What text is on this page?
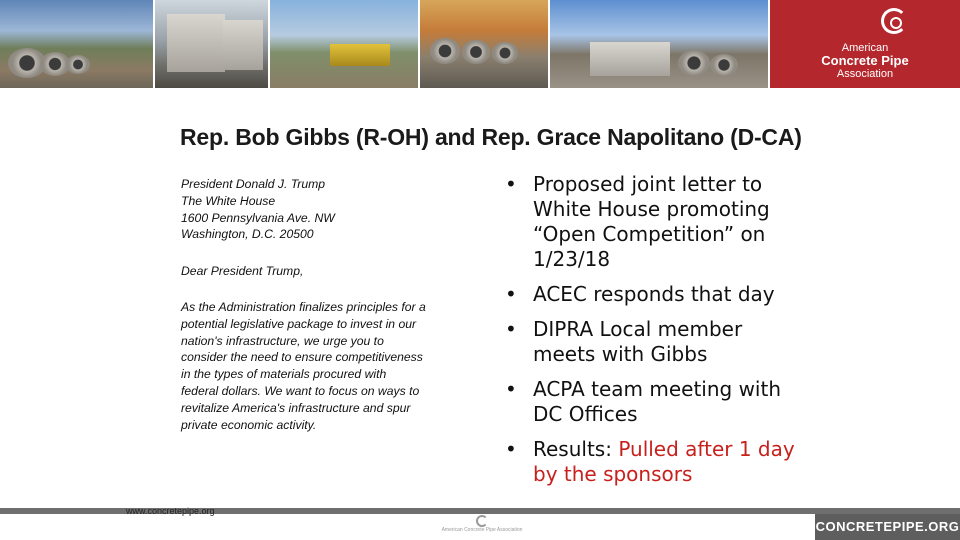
American
Concrete Pipe
Association
Rep. Bob Gibbs (R-OH) and Rep. Grace Napolitano (D-CA)
President Donald J. Trump
The White House
1600 Pennsylvania Ave. NW
Washington, D.C. 20500
Dear President Trump,
As the Administration finalizes principles for a potential legislative package to invest in our nation's infrastructure, we urge you to consider the need to ensure competitiveness in the types of materials procured with federal dollars. We want to focus on ways to revitalize America's infrastructure and spur private economic activity.
• Proposed joint letter to White House promoting “Open Competition” on 1/23/18
• ACEC responds that day
• DIPRA Local member meets with Gibbs
• ACPA team meeting with DC Offices
• Results: Pulled after 1 day by the sponsors
www.concretepipe.org
American Concrete Pipe Association	CONCRETEPIPE.ORG
